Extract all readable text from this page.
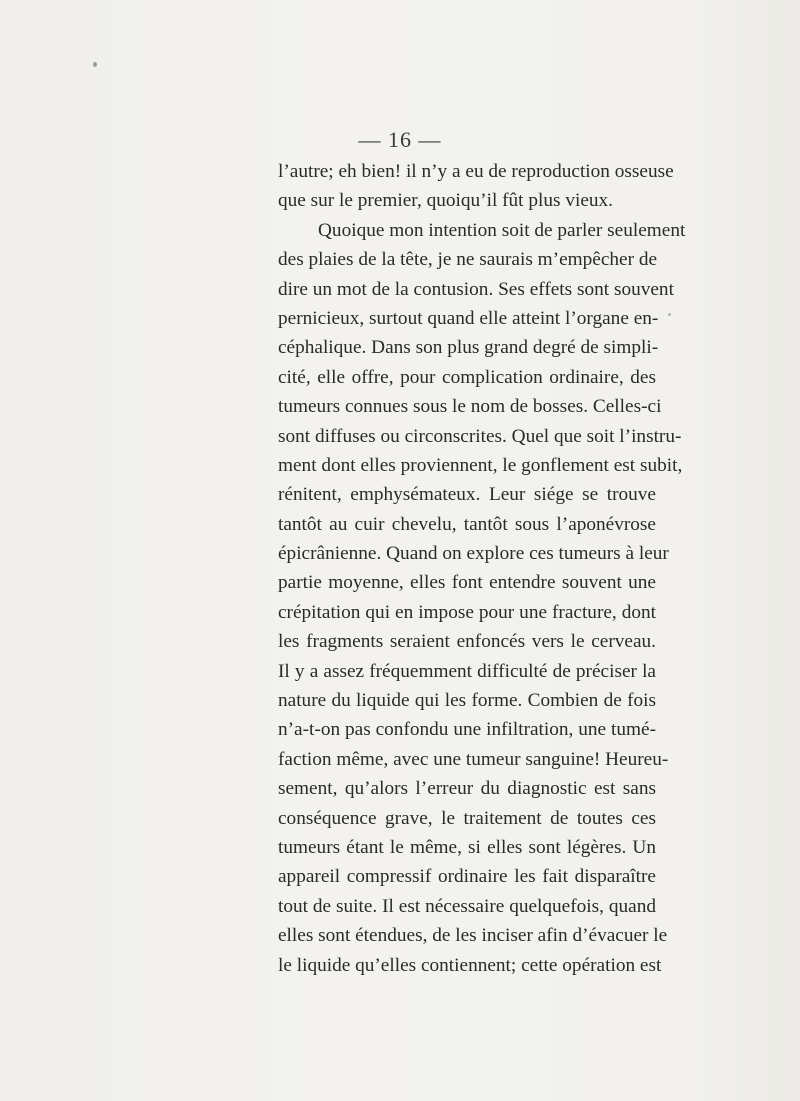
— 16 —
l’autre; eh bien! il n’y a eu de reproduction osseuse
que sur le premier, quoiqu’il fût plus vieux.
Quoique mon intention soit de parler seulement
des plaies de la tête, je ne saurais m’empêcher de
dire un mot de la contusion. Ses effets sont souvent
pernicieux, surtout quand elle atteint l’organe en-
céphalique. Dans son plus grand degré de simpli-
cité, elle offre, pour complication ordinaire, des
tumeurs connues sous le nom de bosses. Celles-ci
sont diffuses ou circonscrites. Quel que soit l’instru-
ment dont elles proviennent, le gonflement est subit,
rénitent, emphysémateux. Leur siége se trouve
tantôt au cuir chevelu, tantôt sous l’aponévrose
épicrânienne. Quand on explore ces tumeurs à leur
partie moyenne, elles font entendre souvent une
crépitation qui en impose pour une fracture, dont
les fragments seraient enfoncés vers le cerveau.
Il y a assez fréquemment difficulté de préciser la
nature du liquide qui les forme. Combien de fois
n’a-t-on pas confondu une infiltration, une tumé-
faction même, avec une tumeur sanguine! Heureu-
sement, qu’alors l’erreur du diagnostic est sans
conséquence grave, le traitement de toutes ces
tumeurs étant le même, si elles sont légères. Un
appareil compressif ordinaire les fait disparaître
tout de suite. Il est nécessaire quelquefois, quand
elles sont étendues, de les inciser afin d’évacuer le
le liquide qu’elles contiennent; cette opération est
